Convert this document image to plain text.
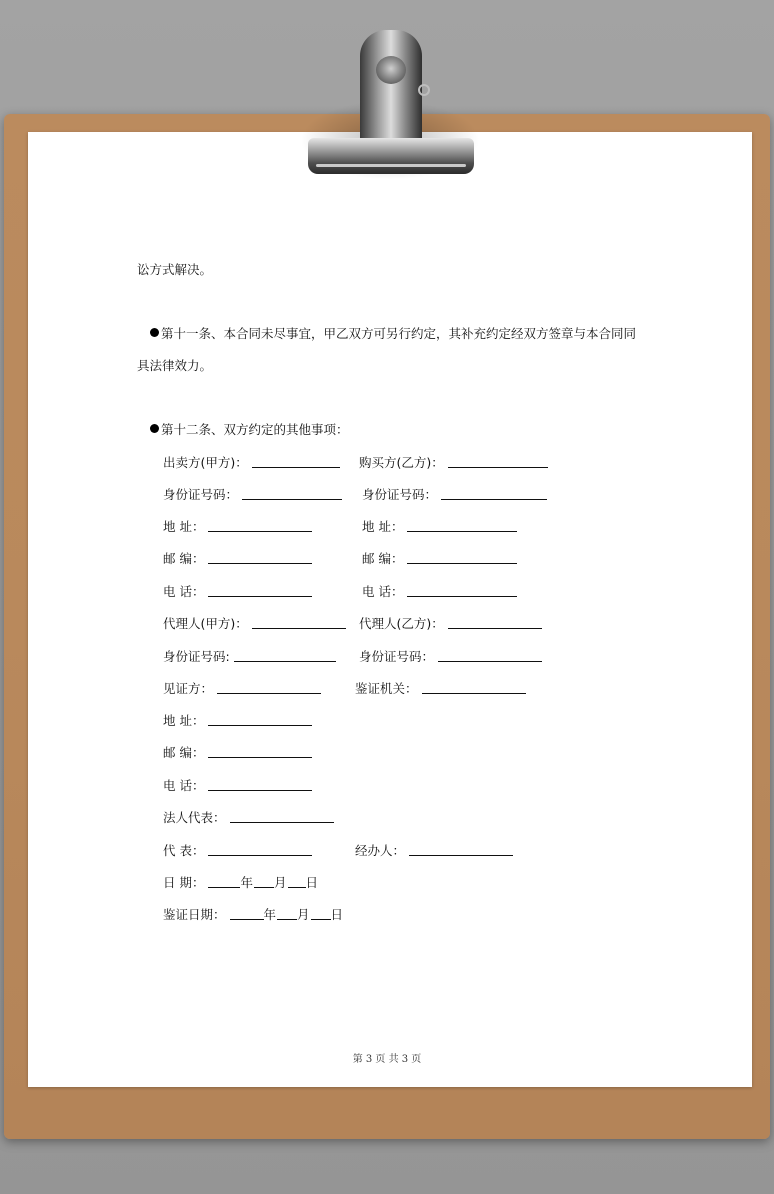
讼方式解决。
第十一条、本合同未尽事宜，甲乙双方可另行约定，其补充约定经双方签章与本合同同
具法律效力。
第十二条、双方约定的其他事项：
出卖方(甲方)：	购买方(乙方)：
身份证号码：	身份证号码：
地 址：	地 址：
邮 编：	邮 编：
电 话：	电 话：
代理人(甲方)：	代理人(乙方)：
身份证号码:	身份证号码：
见证方：	鉴证机关：
地 址：
邮 编：
电 话：
法人代表：
代 表：	经办人：
日 期：	年 月 日
鉴证日期：	年 月 日
第 3 页 共 3 页
